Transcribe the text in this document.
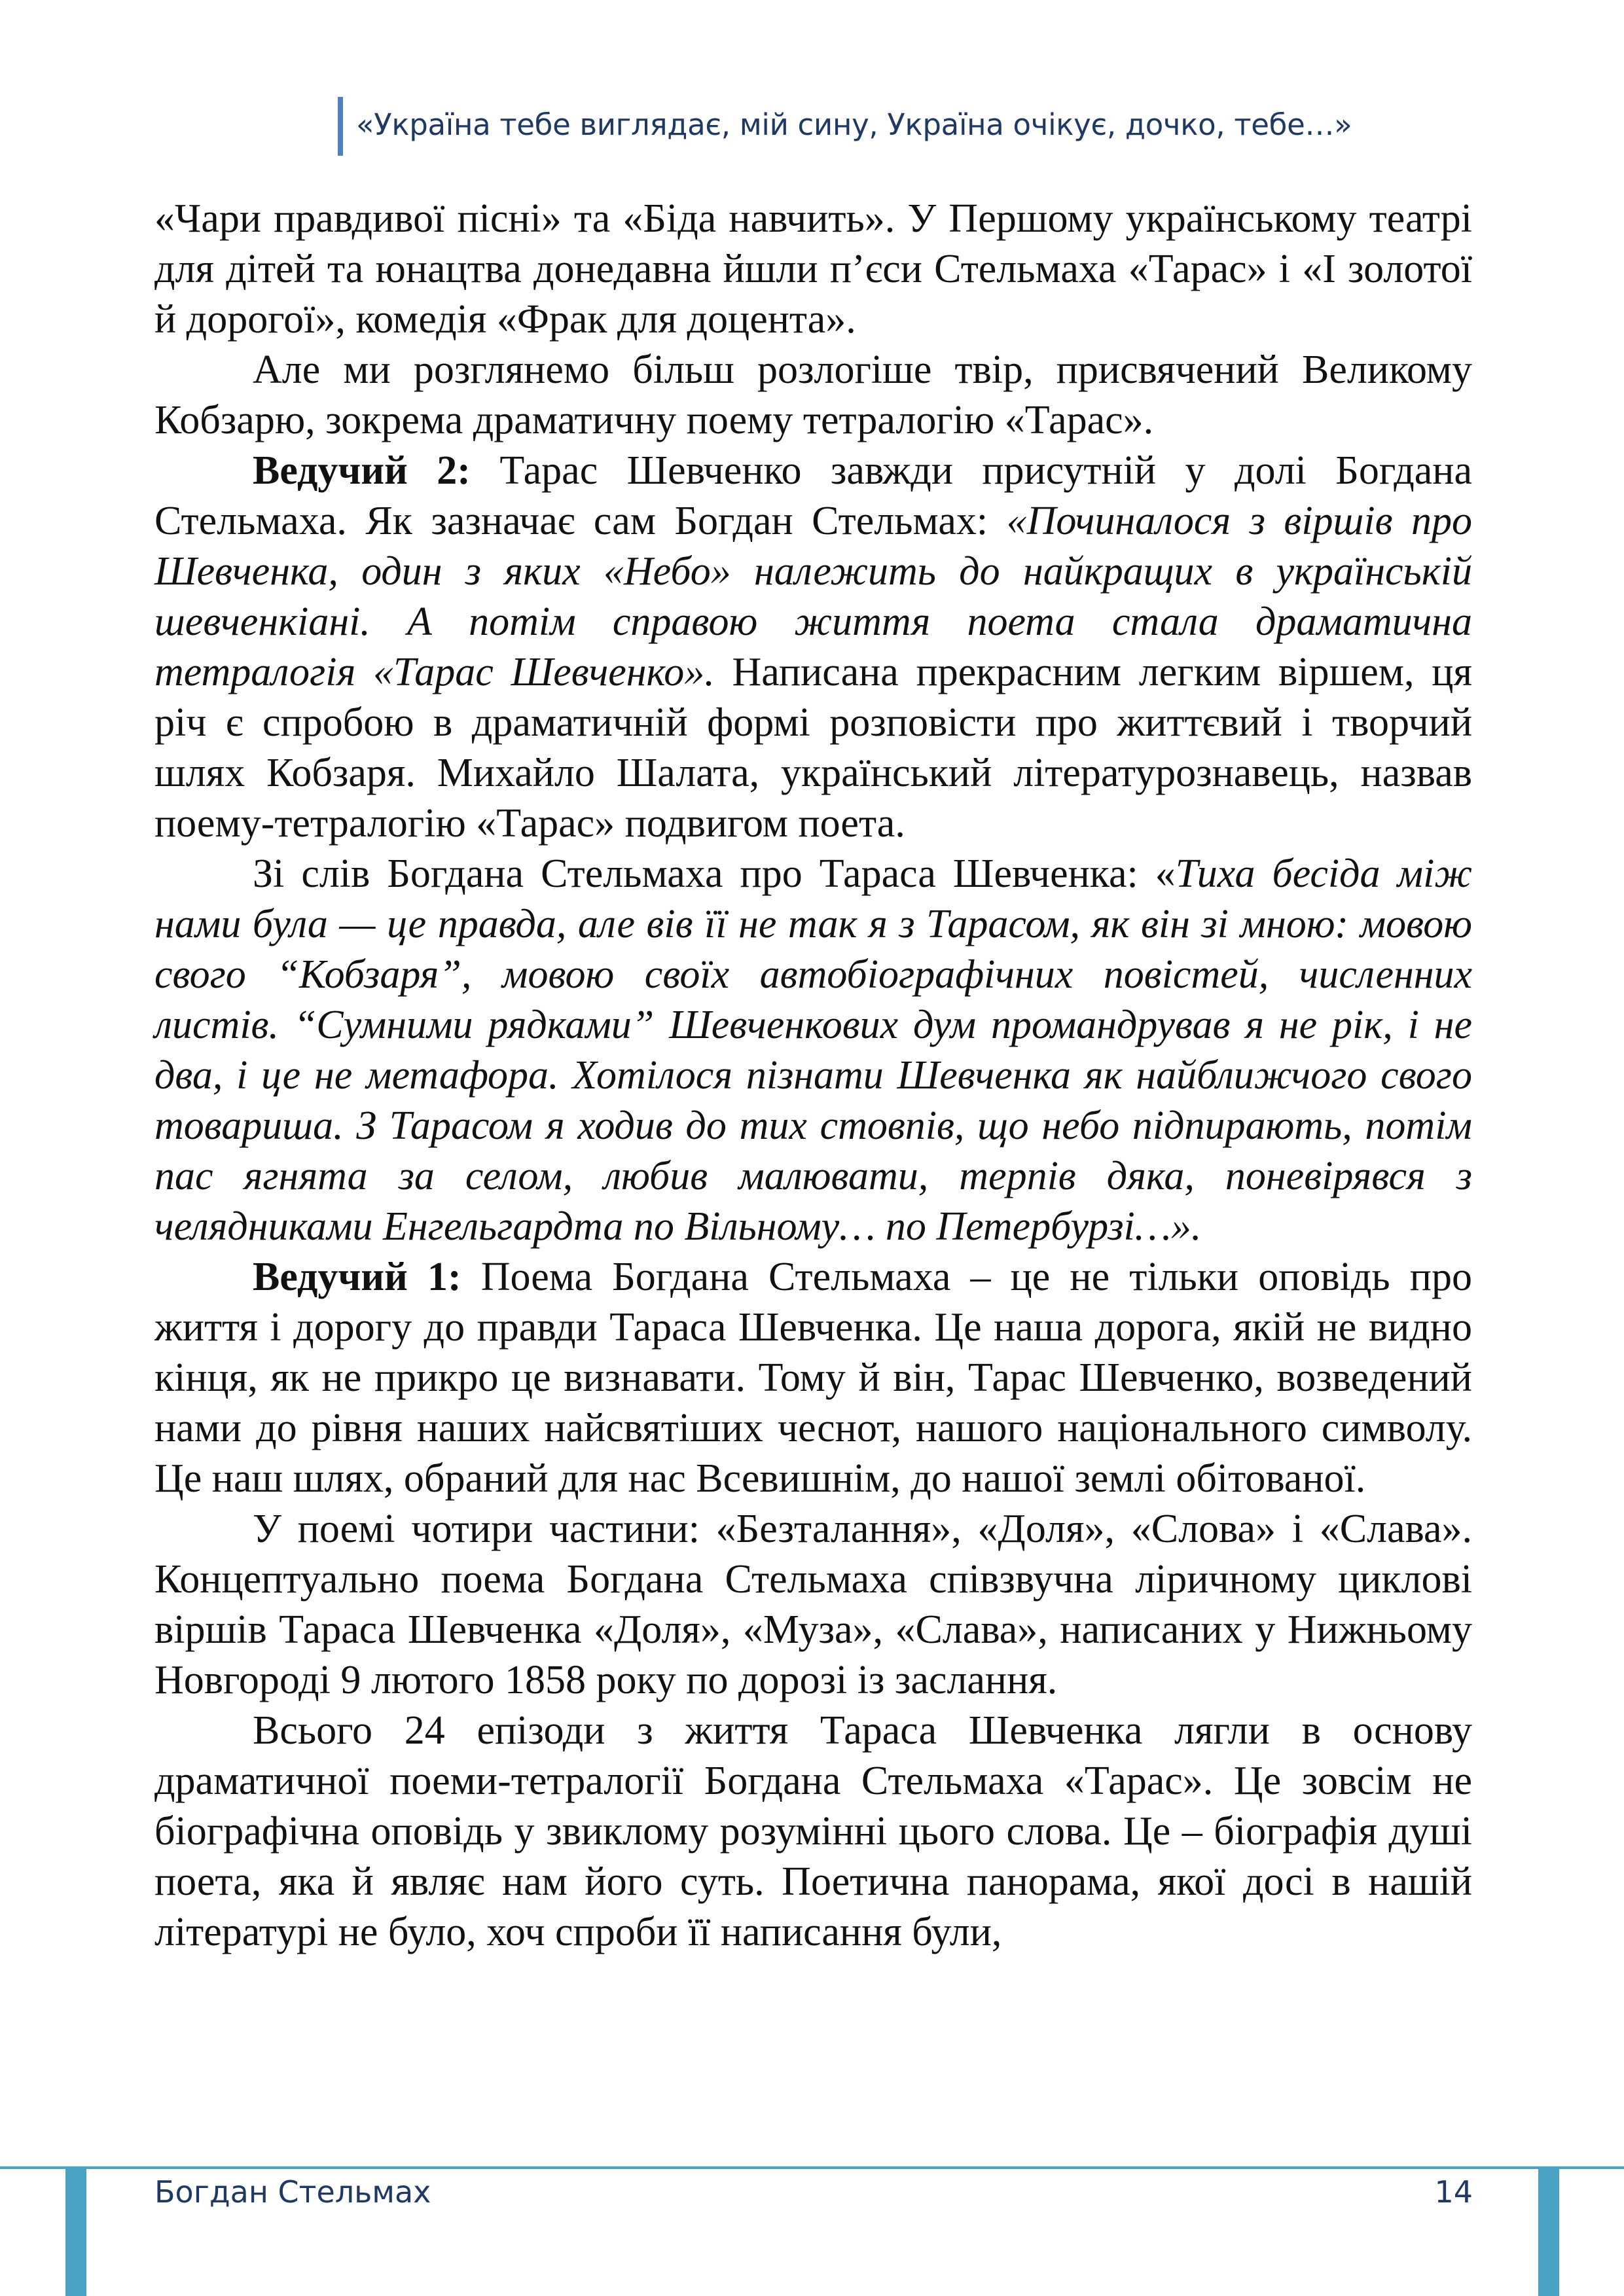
«Україна тебе виглядає, мій сину, Україна очікує, дочко, тебе…»

«Чари правдивої пісні» та «Біда навчить». У Першому українському театрі для дітей та юнацтва донедавна йшли п’єси Стельмаха «Тарас» і «І золотої й дорогої», комедія «Фрак для доцента».

Але ми розглянемо більш розлогіше твір, присвячений Великому Кобзарю, зокрема драматичну поему тетралогію «Тарас».

Ведучий 2: Тарас Шевченко завжди присутній у долі Богдана Стельмаха. Як зазначає сам Богдан Стельмах: «Починалося з віршів про Шевченка, один з яких «Небо» належить до найкращих в українській шевченкіані. А потім справою життя поета стала драматична тетралогія «Тарас Шевченко». Написана прекрасним легким віршем, ця річ є спробою в драматичній формі розповісти про життєвий і творчий шлях Кобзаря. Михайло Шалата, український літературознавець, назвав поему-тетралогію «Тарас» подвигом поета.

Зі слів Богдана Стельмаха про Тараса Шевченка: «Тиха бесіда між нами була — це правда, але вів її не так я з Тарасом, як він зі мною: мовою свого “Кобзаря”, мовою своїх автобіографічних повістей, численних листів. “Сумними рядками” Шевченкових дум промандрував я не рік, і не два, і це не метафора. Хотілося пізнати Шевченка як найближчого свого товариша. З Тарасом я ходив до тих стовпів, що небо підпирають, потім пас ягнята за селом, любив малювати, терпів дяка, поневірявся з челядниками Енгельгардта по Вільному… по Петербурзі…».

Ведучий 1: Поема Богдана Стельмаха – це не тільки оповідь про життя і дорогу до правди Тараса Шевченка. Це наша дорога, якій не видно кінця, як не прикро це визнавати. Тому й він, Тарас Шевченко, возведений нами до рівня наших найсвятіших чеснот, нашого національного символу. Це наш шлях, обраний для нас Всевишнім, до нашої землі обітованої.

У поемі чотири частини: «Безталання», «Доля», «Слова» і «Слава». Концептуально поема Богдана Стельмаха співзвучна ліричному циклові віршів Тараса Шевченка «Доля», «Муза», «Слава», написаних у Нижньому Новгороді 9 лютого 1858 року по дорозі із заслання.

Всього 24 епізоди з життя Тараса Шевченка лягли в основу драматичної поеми-тетралогії Богдана Стельмаха «Тарас». Це зовсім не біографічна оповідь у звиклому розумінні цього слова. Це – біографія душі поета, яка й являє нам його суть. Поетична панорама, якої досі в нашій літературі не було, хоч спроби її написання були,

Богдан Стельмах	14
